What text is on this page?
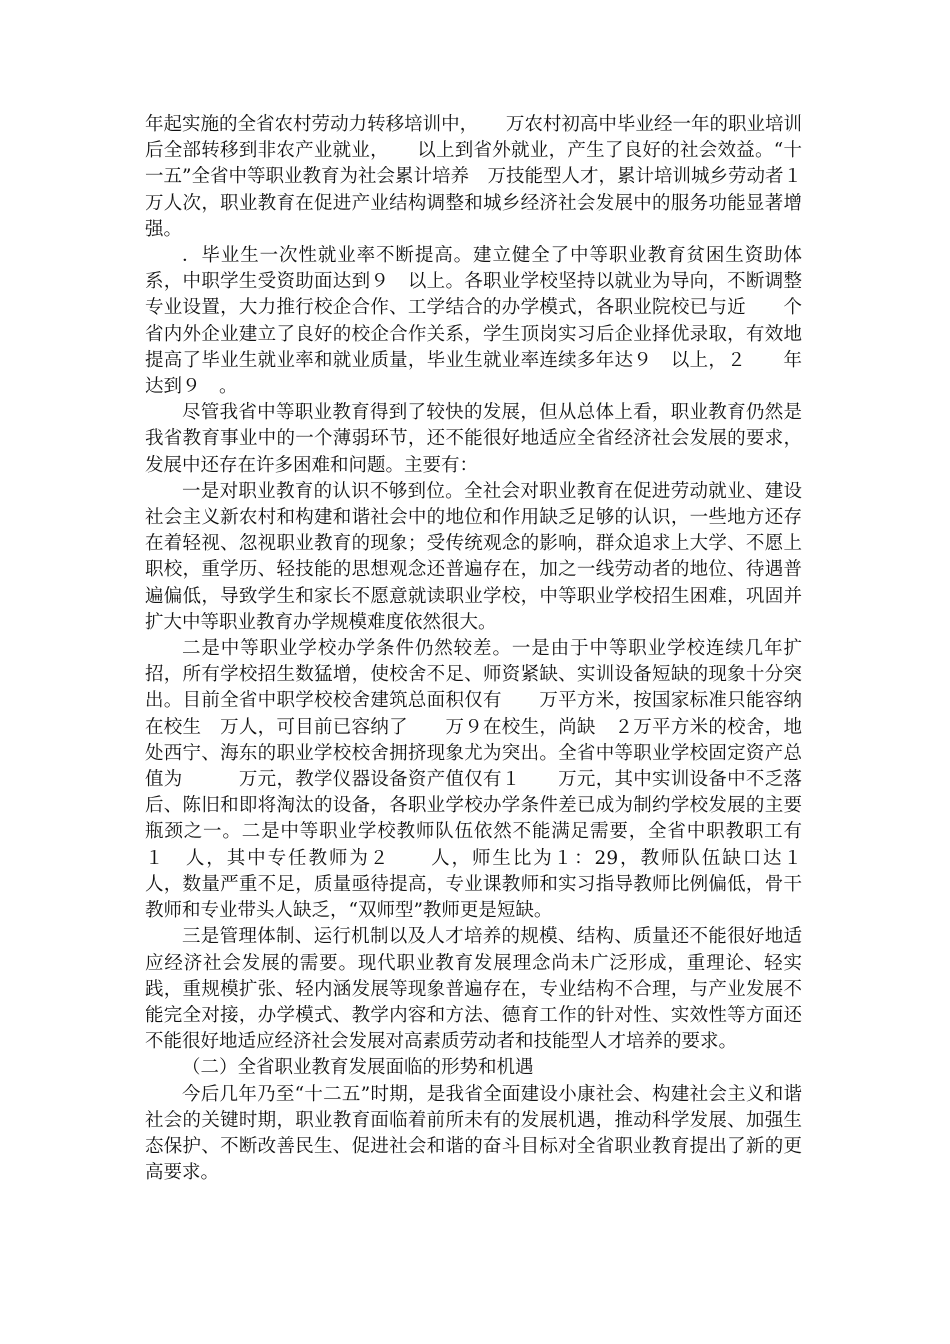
年起实施的全省农村劳动力转移培训中，　　万农村初高中毕业经一年的职业培训后全部转移到非农产业就业，　　以上到省外就业，产生了良好的社会效益。“十一五”全省中等职业教育为社会累计培养　万技能型人才，累计培训城乡劳动者１　万人次，职业教育在促进产业结构调整和城乡经济社会发展中的服务功能显著增强。

．毕业生一次性就业率不断提高。建立健全了中等职业教育贫困生资助体系，中职学生受资助面达到９　以上。各职业学校坚持以就业为导向，不断调整专业设置，大力推行校企合作、工学结合的办学模式，各职业院校已与近　　个省内外企业建立了良好的校企合作关系，学生顶岗实习后企业择优录取，有效地提高了毕业生就业率和就业质量，毕业生就业率连续多年达９　以上，２　　年达到９　。

尽管我省中等职业教育得到了较快的发展，但从总体上看，职业教育仍然是我省教育事业中的一个薄弱环节，还不能很好地适应全省经济社会发展的要求，发展中还存在许多困难和问题。主要有：

一是对职业教育的认识不够到位。全社会对职业教育在促进劳动就业、建设社会主义新农村和构建和谐社会中的地位和作用缺乏足够的认识，一些地方还存在着轻视、忽视职业教育的现象；受传统观念的影响，群众追求上大学、不愿上职校，重学历、轻技能的思想观念还普遍存在，加之一线劳动者的地位、待遇普遍偏低，导致学生和家长不愿意就读职业学校，中等职业学校招生困难，巩固并扩大中等职业教育办学规模难度依然很大。

二是中等职业学校办学条件仍然较差。一是由于中等职业学校连续几年扩招，所有学校招生数猛增，使校舍不足、师资紧缺、实训设备短缺的现象十分突出。目前全省中职学校校舍建筑总面积仅有　　万平方米，按国家标准只能容纳在校生　万人，可目前已容纳了　　万９在校生，尚缺　２万平方米的校舍，地处西宁、海东的职业学校校舍拥挤现象尤为突出。全省中等职业学校固定资产总值为　　　万元，教学仪器设备资产值仅有１　　万元，其中实训设备中不乏落后、陈旧和即将淘汰的设备，各职业学校办学条件差已成为制约学校发展的主要瓶颈之一。二是中等职业学校教师队伍依然不能满足需要，全省中职教职工有　１　人，其中专任教师为２　　人，师生比为１：29，教师队伍缺口达１　　人，数量严重不足，质量亟待提高，专业课教师和实习指导教师比例偏低，骨干教师和专业带头人缺乏，“双师型”教师更是短缺。

三是管理体制、运行机制以及人才培养的规模、结构、质量还不能很好地适应经济社会发展的需要。现代职业教育发展理念尚未广泛形成，重理论、轻实践，重规模扩张、轻内涵发展等现象普遍存在，专业结构不合理，与产业发展不能完全对接，办学模式、教学内容和方法、德育工作的针对性、实效性等方面还不能很好地适应经济社会发展对高素质劳动者和技能型人才培养的要求。

（二）全省职业教育发展面临的形势和机遇

今后几年乃至“十二五”时期，是我省全面建设小康社会、构建社会主义和谐社会的关键时期，职业教育面临着前所未有的发展机遇，推动科学发展、加强生态保护、不断改善民生、促进社会和谐的奋斗目标对全省职业教育提出了新的更高要求。
